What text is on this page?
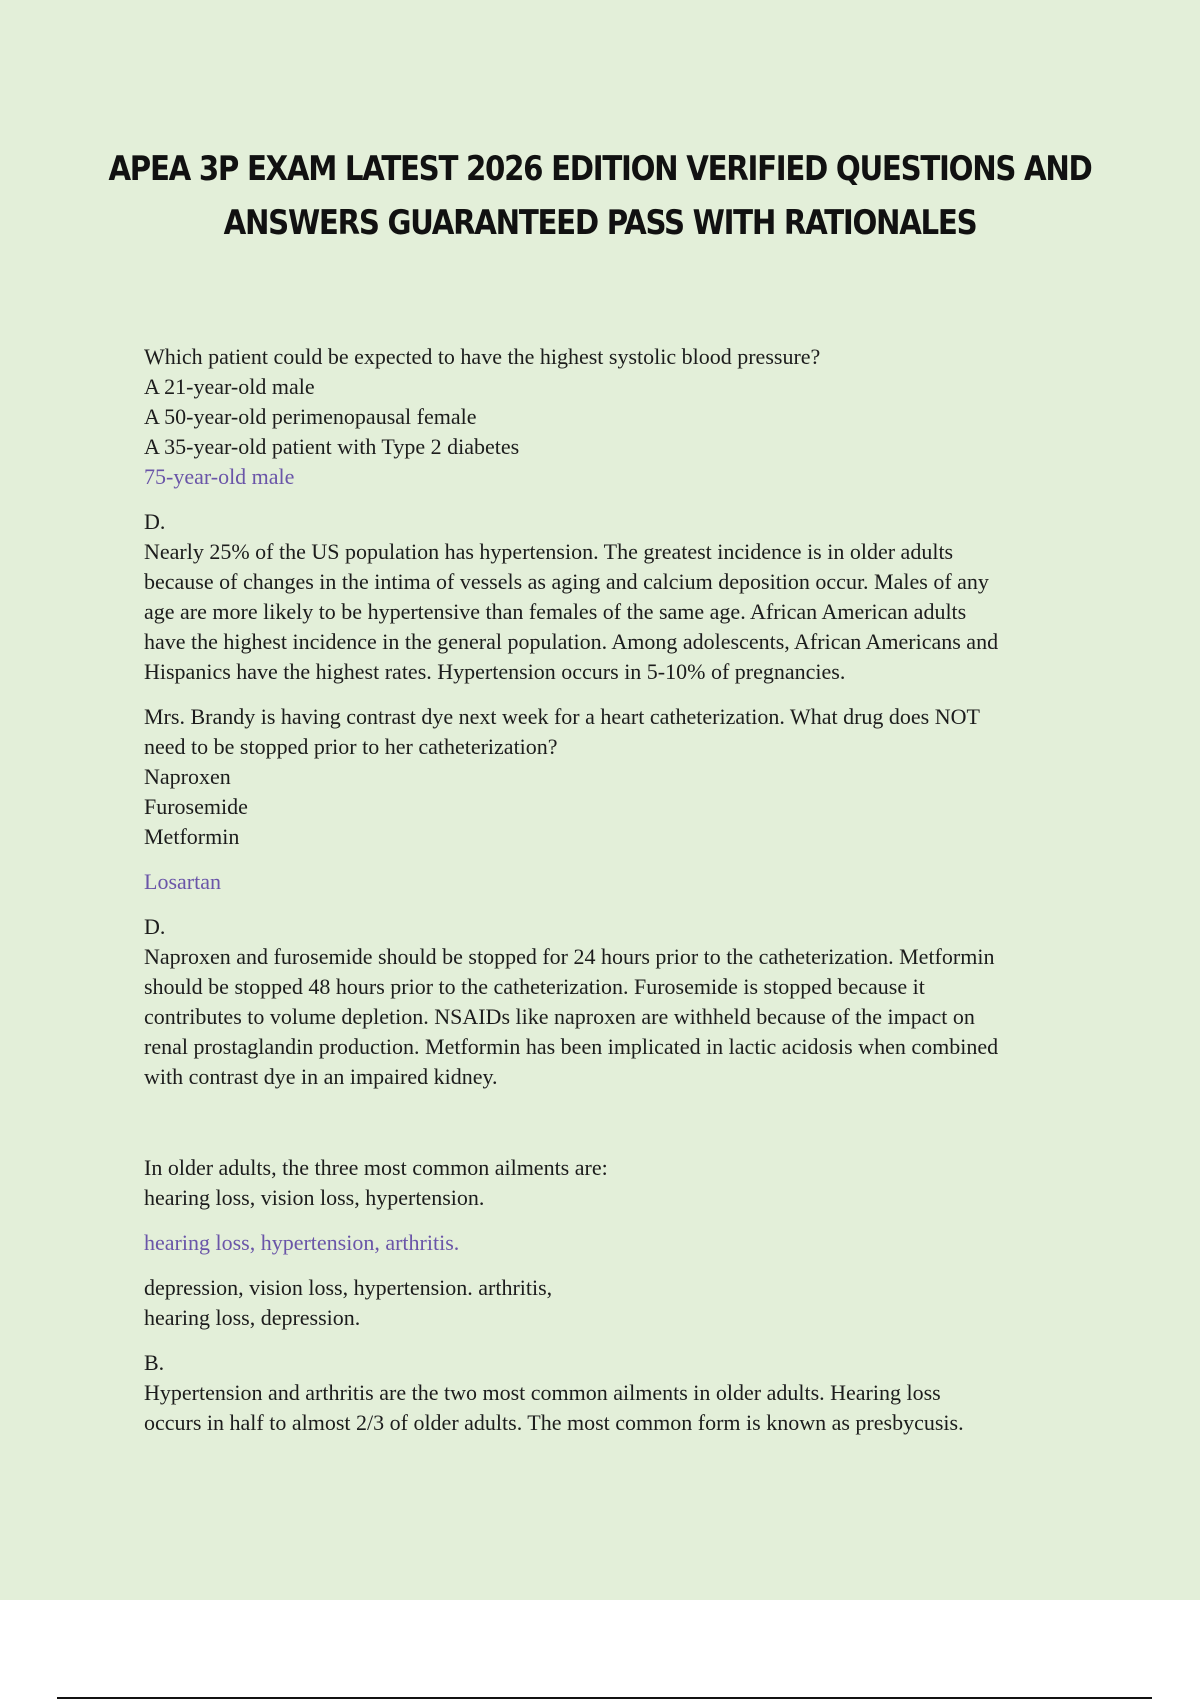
APEA 3P EXAM LATEST 2026 EDITION VERIFIED QUESTIONS AND
ANSWERS GUARANTEED PASS WITH RATIONALES
Which patient could be expected to have the highest systolic blood pressure?
A 21-year-old male
A 50-year-old perimenopausal female
A 35-year-old patient with Type 2 diabetes
75-year-old male
D.
Nearly 25% of the US population has hypertension. The greatest incidence is in older adults
because of changes in the intima of vessels as aging and calcium deposition occur. Males of any
age are more likely to be hypertensive than females of the same age. African American adults
have the highest incidence in the general population. Among adolescents, African Americans and
Hispanics have the highest rates. Hypertension occurs in 5-10% of pregnancies.
Mrs. Brandy is having contrast dye next week for a heart catheterization. What drug does NOT
need to be stopped prior to her catheterization?
Naproxen
Furosemide
Metformin
Losartan
D.
Naproxen and furosemide should be stopped for 24 hours prior to the catheterization. Metformin
should be stopped 48 hours prior to the catheterization. Furosemide is stopped because it
contributes to volume depletion. NSAIDs like naproxen are withheld because of the impact on
renal prostaglandin production. Metformin has been implicated in lactic acidosis when combined
with contrast dye in an impaired kidney.
In older adults, the three most common ailments are:
hearing loss, vision loss, hypertension.
hearing loss, hypertension, arthritis.
depression, vision loss, hypertension. arthritis,
hearing loss, depression.
B.
Hypertension and arthritis are the two most common ailments in older adults. Hearing loss
occurs in half to almost 2/3 of older adults. The most common form is known as presbycusis.
